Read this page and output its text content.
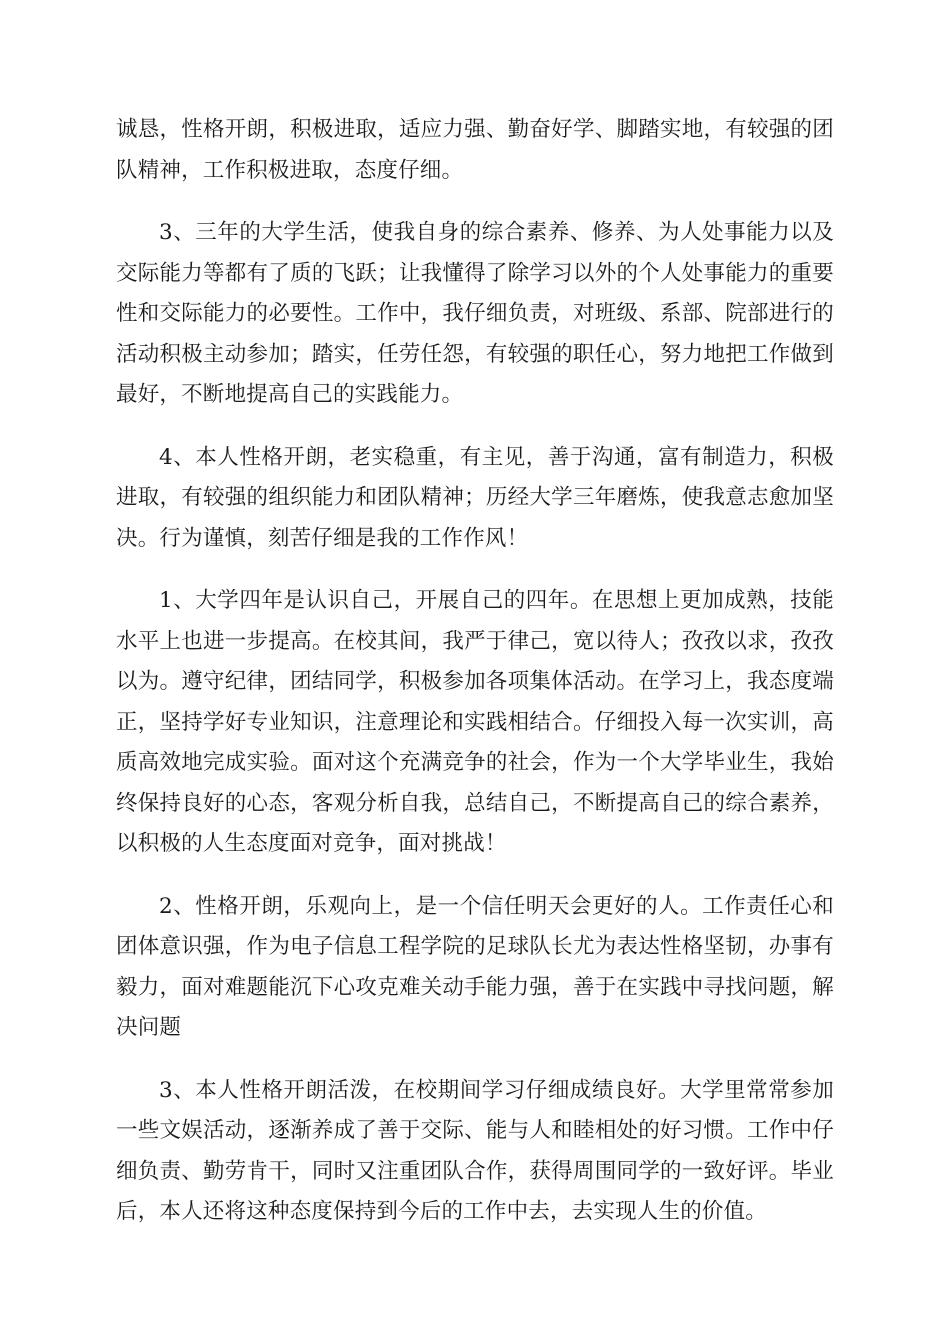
诚恳，性格开朗，积极进取，适应力强、勤奋好学、脚踏实地，有较强的团队精神，工作积极进取，态度仔细。

3、三年的大学生活，使我自身的综合素养、修养、为人处事能力以及交际能力等都有了质的飞跃；让我懂得了除学习以外的个人处事能力的重要性和交际能力的必要性。工作中，我仔细负责，对班级、系部、院部进行的活动积极主动参加；踏实，任劳任怨，有较强的职任心，努力地把工作做到最好，不断地提高自己的实践能力。

4、本人性格开朗，老实稳重，有主见，善于沟通，富有制造力，积极进取，有较强的组织能力和团队精神；历经大学三年磨炼，使我意志愈加坚决。行为谨慎，刻苦仔细是我的工作作风！

1、大学四年是认识自己，开展自己的四年。在思想上更加成熟，技能水平上也进一步提高。在校其间，我严于律己，宽以待人；孜孜以求，孜孜以为。遵守纪律，团结同学，积极参加各项集体活动。在学习上，我态度端正，坚持学好专业知识，注意理论和实践相结合。仔细投入每一次实训，高质高效地完成实验。面对这个充满竞争的社会，作为一个大学毕业生，我始终保持良好的心态，客观分析自我，总结自己，不断提高自己的综合素养，以积极的人生态度面对竞争，面对挑战！

2、性格开朗，乐观向上，是一个信任明天会更好的人。工作责任心和团体意识强，作为电子信息工程学院的足球队长尤为表达性格坚韧，办事有毅力，面对难题能沉下心攻克难关动手能力强，善于在实践中寻找问题，解决问题

3、本人性格开朗活泼，在校期间学习仔细成绩良好。大学里常常参加一些文娱活动，逐渐养成了善于交际、能与人和睦相处的好习惯。工作中仔细负责、勤劳肯干，同时又注重团队合作，获得周围同学的一致好评。毕业后，本人还将这种态度保持到今后的工作中去，去实现人生的价值。
